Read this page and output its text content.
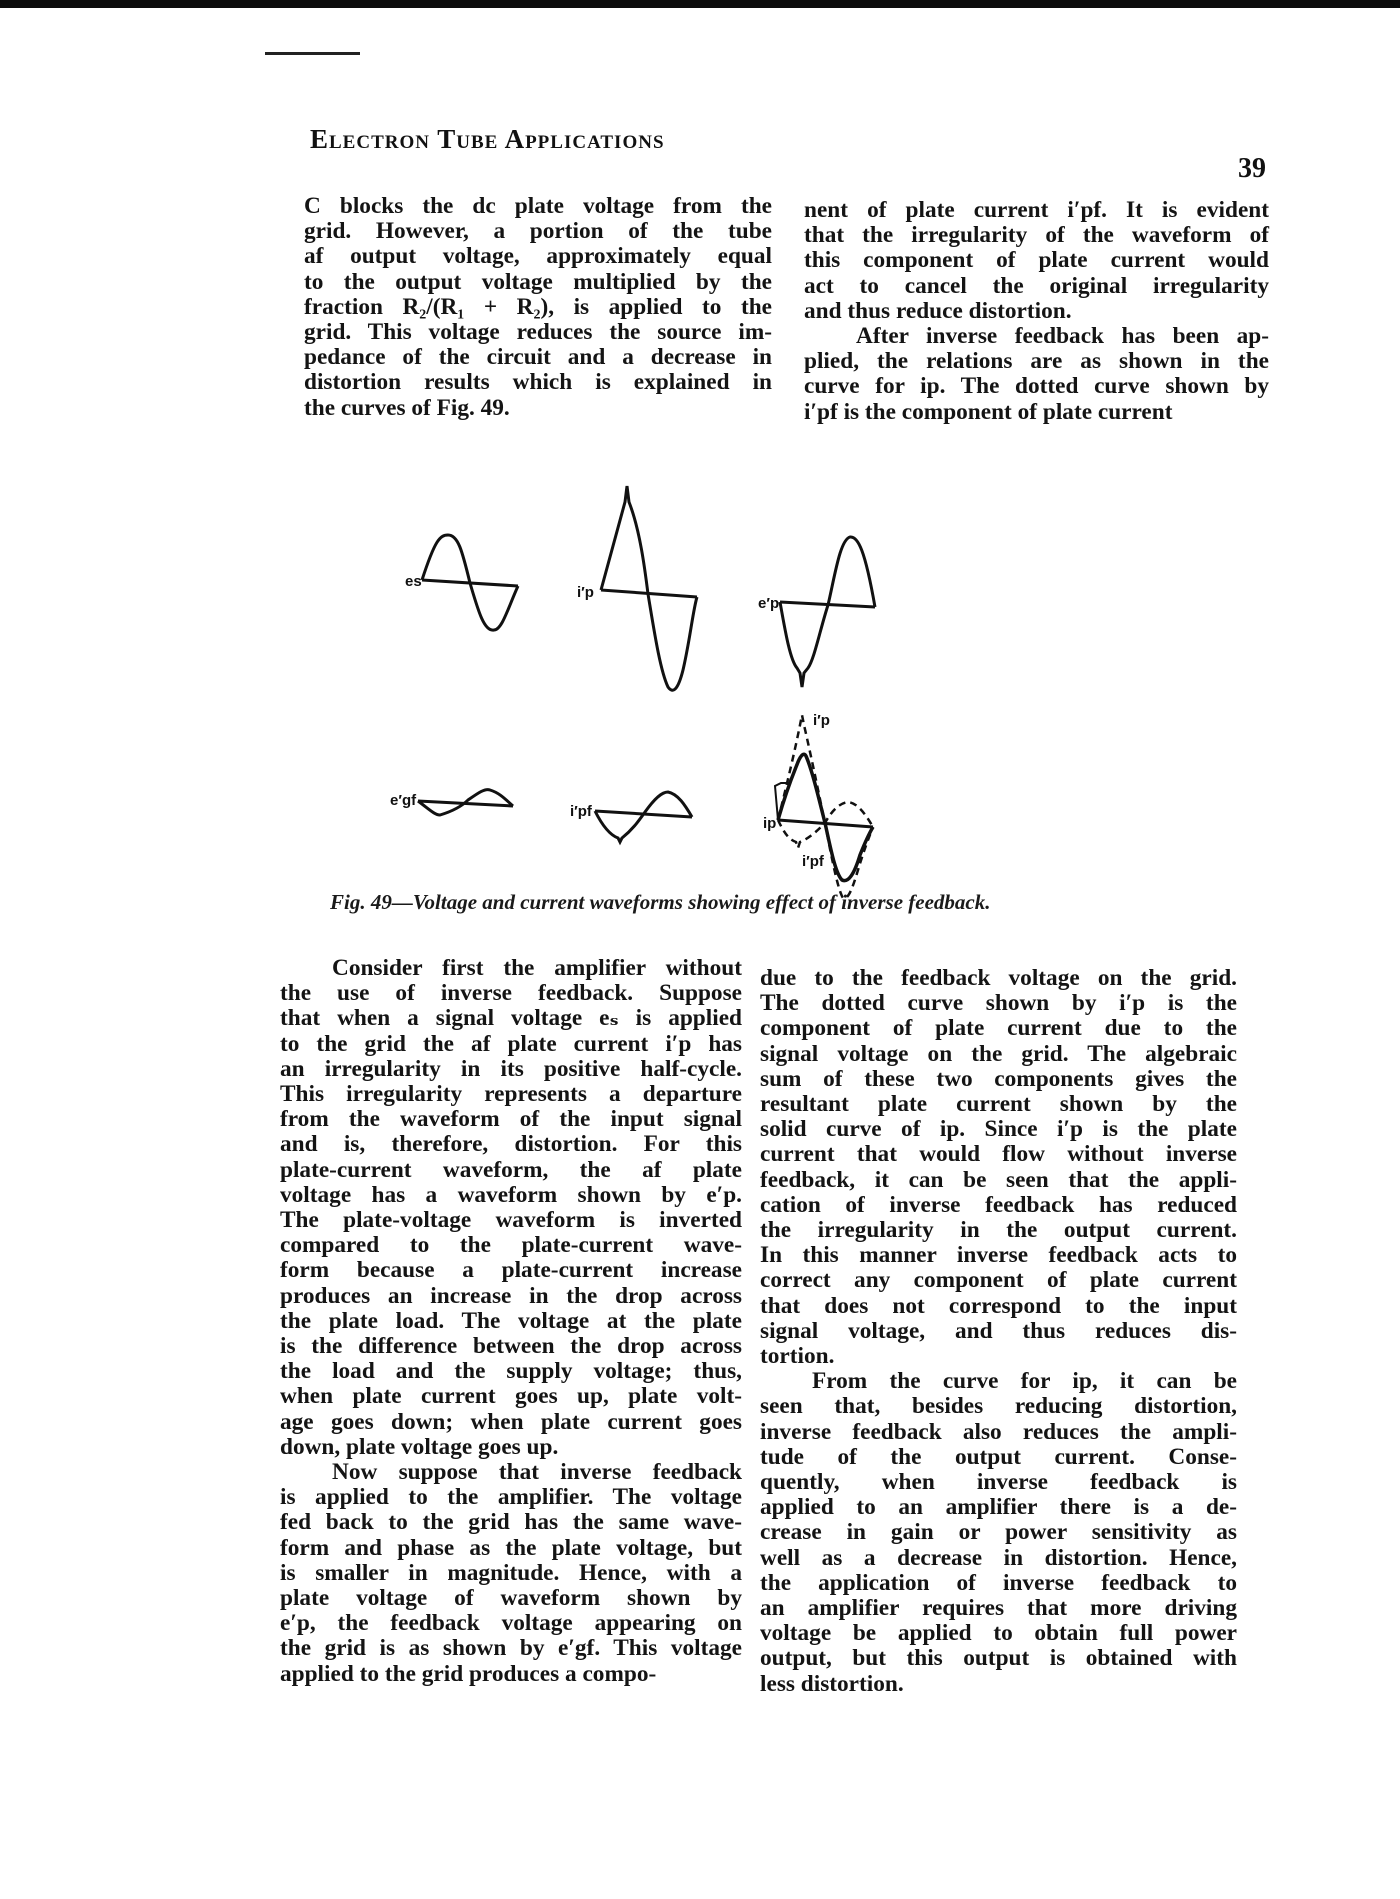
Electron Tube Applications
39
C blocks the dc plate voltage from the
grid. However, a portion of the tube
af output voltage, approximately equal
to the output voltage multiplied by the
fraction R₂/(R₁ + R₂), is applied to the
grid. This voltage reduces the source im-
pedance of the circuit and a decrease in
distortion results which is explained in
the curves of Fig. 49.
nent of plate current i′pf. It is evident
that the irregularity of the waveform of
this component of plate current would
act to cancel the original irregularity
and thus reduce distortion.
After inverse feedback has been ap-
plied, the relations are as shown in the
curve for ip. The dotted curve shown by
i′pf is the component of plate current
es
i′p
e′p
e′gf
i′pf
ip
i′p
i′pf
Fig. 49—Voltage and current waveforms showing effect of inverse feedback.
Consider first the amplifier without
the use of inverse feedback. Suppose
that when a signal voltage eₛ is applied
to the grid the af plate current i′p has
an irregularity in its positive half-cycle.
This irregularity represents a departure
from the waveform of the input signal
and is, therefore, distortion. For this
plate-current waveform, the af plate
voltage has a waveform shown by e′p.
The plate-voltage waveform is inverted
compared to the plate-current wave-
form because a plate-current increase
produces an increase in the drop across
the plate load. The voltage at the plate
is the difference between the drop across
the load and the supply voltage; thus,
when plate current goes up, plate volt-
age goes down; when plate current goes
down, plate voltage goes up.
Now suppose that inverse feedback
is applied to the amplifier. The voltage
fed back to the grid has the same wave-
form and phase as the plate voltage, but
is smaller in magnitude. Hence, with a
plate voltage of waveform shown by
e′p, the feedback voltage appearing on
the grid is as shown by e′gf. This voltage
applied to the grid produces a compo-
due to the feedback voltage on the grid.
The dotted curve shown by i′p is the
component of plate current due to the
signal voltage on the grid. The algebraic
sum of these two components gives the
resultant plate current shown by the
solid curve of ip. Since i′p is the plate
current that would flow without inverse
feedback, it can be seen that the appli-
cation of inverse feedback has reduced
the irregularity in the output current.
In this manner inverse feedback acts to
correct any component of plate current
that does not correspond to the input
signal voltage, and thus reduces dis-
tortion.
From the curve for ip, it can be
seen that, besides reducing distortion,
inverse feedback also reduces the ampli-
tude of the output current. Conse-
quently, when inverse feedback is
applied to an amplifier there is a de-
crease in gain or power sensitivity as
well as a decrease in distortion. Hence,
the application of inverse feedback to
an amplifier requires that more driving
voltage be applied to obtain full power
output, but this output is obtained with
less distortion.
